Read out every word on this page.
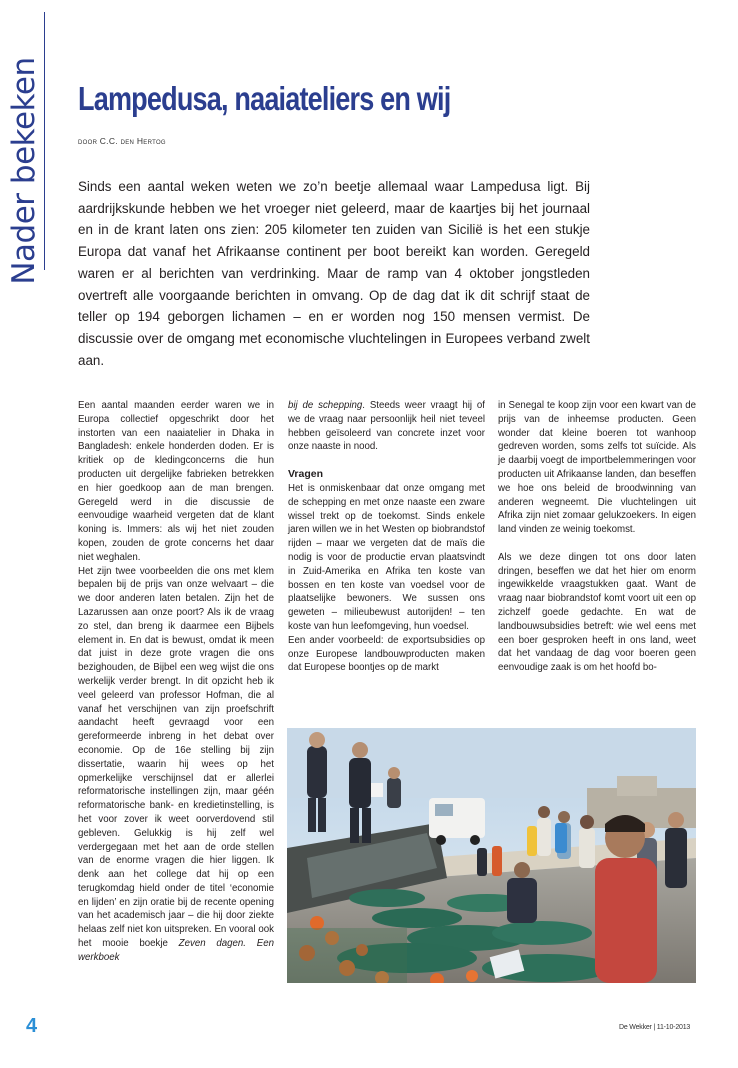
Nader bekeken Lampedusa, naaiateliers en wij
door C.C. den Hertog

Sinds een aantal weken weten we zo’n beetje allemaal waar Lampedusa ligt. Bij aardrijkskunde hebben we het vroeger niet geleerd, maar de kaartjes bij het journaal en in de krant laten ons zien: 205 kilometer ten zuiden van Sicilië is het een stukje Europa dat vanaf het Afrikaanse continent per boot bereikt kan worden. Geregeld waren er al berichten van verdrinking. Maar de ramp van 4 oktober jongstleden overtreft alle voorgaande berichten in omvang. Op de dag dat ik dit schrijf staat de teller op 194 geborgen lichamen – en er worden nog 150 mensen vermist. De discussie over de omgang met economische vluchtelingen in Europees verband zwelt aan.

Een aantal maanden eerder waren we in Europa collectief opgeschrikt door het instorten van een naaiatelier in Dhaka in Bangladesh: enkele honderden doden. Er is kritiek op de kledingconcerns die hun producten uit dergelijke fabrieken betrekken en hier goedkoop aan de man brengen. Geregeld werd in die discussie de eenvoudige waarheid vergeten dat de klant koning is. Immers: als wij het niet zouden kopen, zouden de grote concerns het daar niet weghalen.

Het zijn twee voorbeelden die ons met klem bepalen bij de prijs van onze welvaart – die we door anderen laten betalen. Zijn het de Lazarussen aan onze poort? Als ik de vraag zo stel, dan breng ik daarmee een Bijbels element in. En dat is bewust, omdat ik meen dat juist in deze grote vragen die ons bezighouden, de Bijbel een weg wijst die ons werkelijk verder brengt. In dit opzicht heb ik veel geleerd van professor Hofman, die al vanaf het verschijnen van zijn proefschrift aandacht heeft gevraagd voor een gereformeerde inbreng in het debat over economie. Op de 16e stelling bij zijn dissertatie, waarin hij wees op het opmerkelijke verschijnsel dat er allerlei reformatorische instellingen zijn, maar géén reformatorische bank- en kredietinstelling, is het voor zover ik weet oorverdovend stil gebleven. Gelukkig is hij zelf wel verdergegaan met het aan de orde stellen van de enorme vragen die hier liggen. Ik denk aan het college dat hij op een terugkomdag hield onder de titel ‘economie en lijden’ en zijn oratie bij de recente opening van het academisch jaar – die hij door ziekte helaas zelf niet kon uitspreken. En vooral ook het mooie boekje Zeven dagen. Een werkboek

bij de schepping. Steeds weer vraagt hij of we de vraag naar persoonlijk heil niet teveel hebben geïsoleerd van concrete inzet voor onze naaste in nood.

Vragen

Het is onmiskenbaar dat onze omgang met de schepping en met onze naaste een zware wissel trekt op de toekomst. Sinds enkele jaren willen we in het Westen op biobrandstof rijden – maar we vergeten dat de maïs die nodig is voor de productie ervan plaatsvindt in Zuid-Amerika en Afrika ten koste van bossen en ten koste van voedsel voor de plaatselijke bewoners. We sussen ons geweten – milieubewust autorijden! – ten koste van hun leefomgeving, hun voedsel.

Een ander voorbeeld: de exportsubsidies op onze Europese landbouwproducten maken dat Europese boontjes op de markt

in Senegal te koop zijn voor een kwart van de prijs van de inheemse producten. Geen wonder dat kleine boeren tot wanhoop gedreven worden, soms zelfs tot suïcide. Als je daarbij voegt de importbelemmeringen voor producten uit Afrikaanse landen, dan beseffen we hoe ons beleid de broodwinning van anderen wegneemt. Die vluchtelingen uit Afrika zijn niet zomaar gelukzoekers. In eigen land vinden ze weinig toekomst.

Als we deze dingen tot ons door laten dringen, beseffen we dat het hier om enorm ingewikkelde vraagstukken gaat. Want de vraag naar biobrandstof komt voort uit een op zichzelf goede gedachte. En wat de landbouwsubsidies betreft: wie wel eens met een boer gesproken heeft in ons land, weet dat het vandaag de dag voor boeren geen eenvoudige zaak is om het hoofd bo-

4	De Wekker | 11-10-2013
